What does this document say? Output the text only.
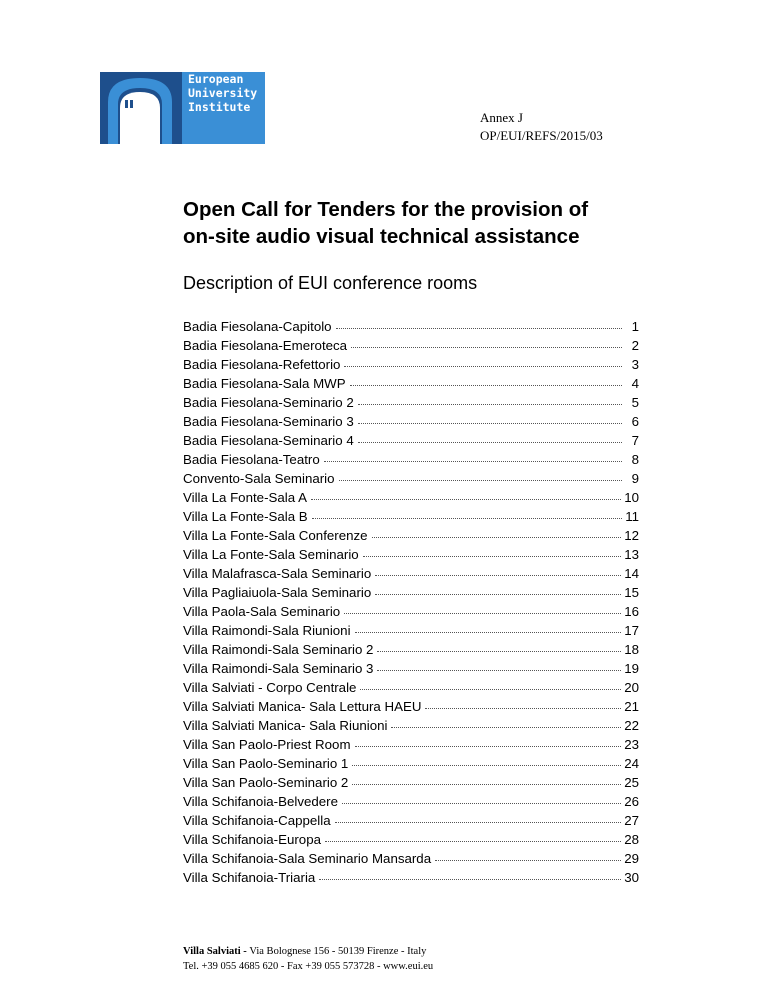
European
University
Institute
Annex J
OP/EUI/REFS/2015/03
Open Call for Tenders for the provision of
on-site audio visual technical assistance
Description of EUI conference rooms
Badia Fiesolana-Capitolo	1
Badia Fiesolana-Emeroteca	2
Badia Fiesolana-Refettorio	3
Badia Fiesolana-Sala MWP	4
Badia Fiesolana-Seminario 2	5
Badia Fiesolana-Seminario 3	6
Badia Fiesolana-Seminario 4	7
Badia Fiesolana-Teatro	8
Convento-Sala Seminario	9
Villa La Fonte-Sala A	10
Villa La Fonte-Sala B	11
Villa La Fonte-Sala Conferenze	12
Villa La Fonte-Sala Seminario	13
Villa Malafrasca-Sala Seminario	14
Villa Pagliaiuola-Sala Seminario	15
Villa Paola-Sala Seminario	16
Villa Raimondi-Sala Riunioni	17
Villa Raimondi-Sala Seminario 2	18
Villa Raimondi-Sala Seminario 3	19
Villa Salviati - Corpo Centrale	20
Villa Salviati Manica- Sala Lettura HAEU	21
Villa Salviati Manica- Sala Riunioni	22
Villa San Paolo-Priest Room	23
Villa San Paolo-Seminario 1	24
Villa San Paolo-Seminario 2	25
Villa Schifanoia-Belvedere	26
Villa Schifanoia-Cappella	27
Villa Schifanoia-Europa	28
Villa Schifanoia-Sala Seminario Mansarda	29
Villa Schifanoia-Triaria	30
Villa Salviati - Via Bolognese 156 - 50139 Firenze - Italy
Tel. +39 055 4685 620 - Fax +39 055 573728 - www.eui.eu
